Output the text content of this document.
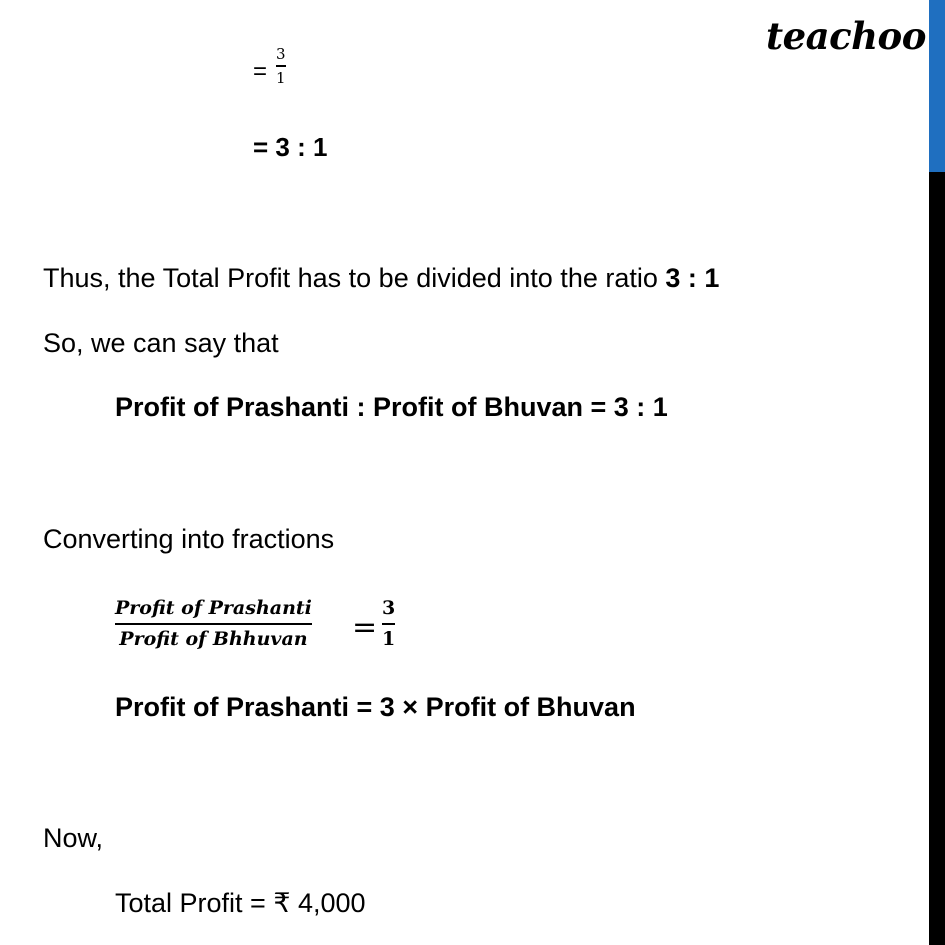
teachoo
=
3
1
= 3 : 1
Thus, the Total Profit has to be divided into the ratio 3 : 1
So, we can say that
Profit of Prashanti : Profit of Bhuvan = 3 : 1
Converting into fractions
Profit of Prashanti
Profit of Bhhuvan =
3
1
Profit of Prashanti = 3 × Profit of Bhuvan
Now,
Total Profit = ₹ 4,000
